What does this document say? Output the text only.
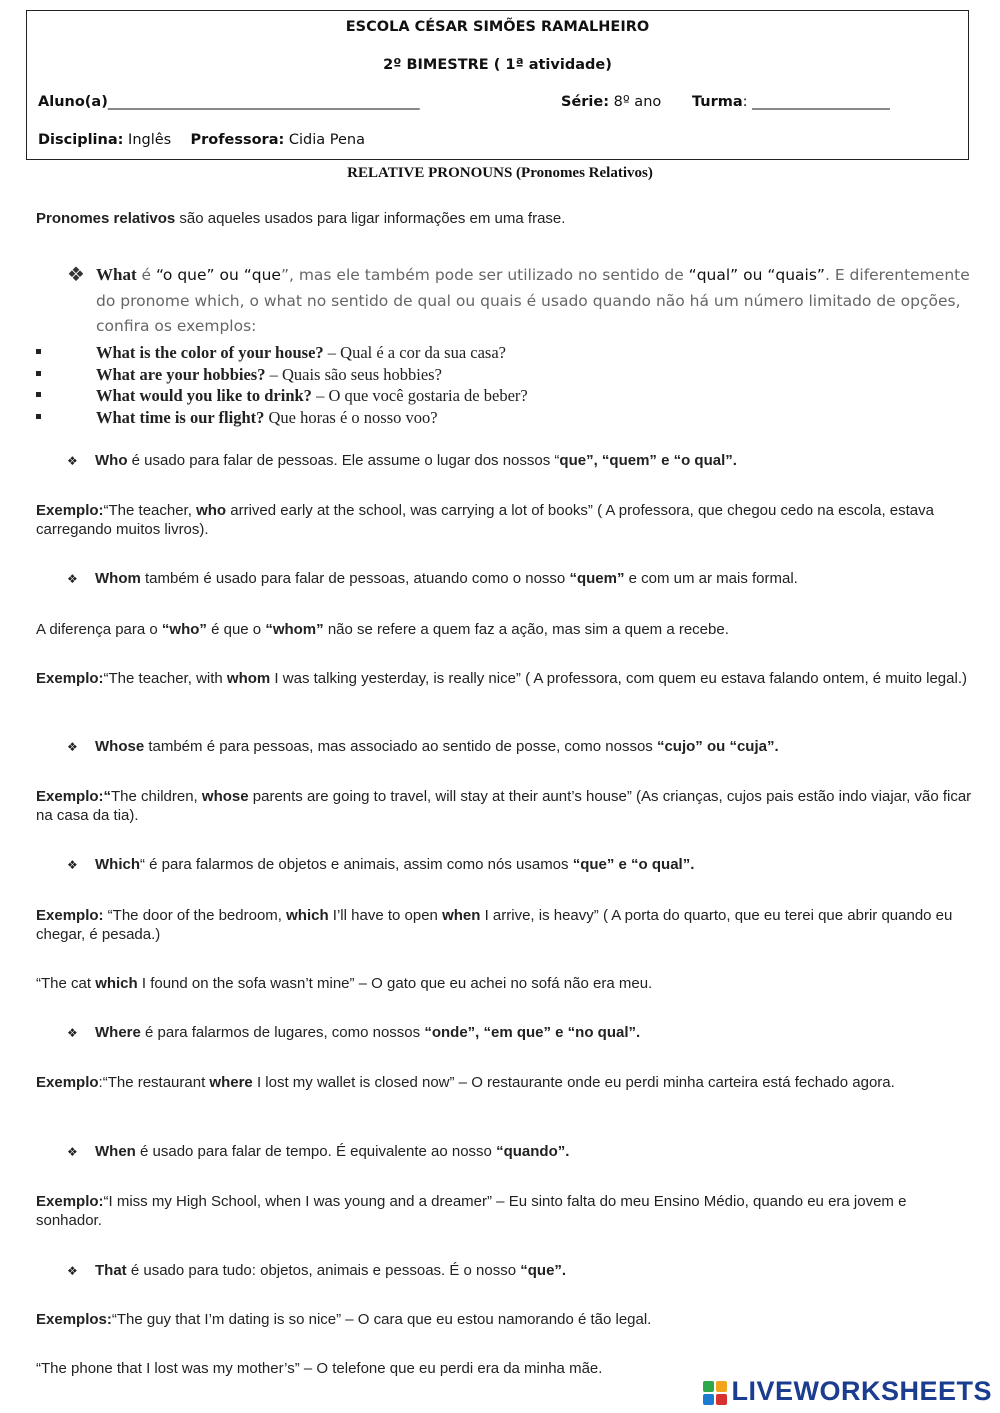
ESCOLA CÉSAR SIMÕES RAMALHEIRO
2º BIMESTRE ( 1ª atividade)
Aluno(a)___________________________________________	Série: 8º ano Turma: ___________________
Disciplina: Inglês Professora: Cidia Pena
RELATIVE PRONOUNS (Pronomes Relativos)
Pronomes relativos são aqueles usados para ligar informações em uma frase.
❖ What é “o que” ou “que”, mas ele também pode ser utilizado no sentido de “qual” ou “quais”. E diferentemente do pronome which, o what no sentido de qual ou quais é usado quando não há um número limitado de opções, confira os exemplos:
What is the color of your house? – Qual é a cor da sua casa?
What are your hobbies? – Quais são seus hobbies?
What would you like to drink? – O que você gostaria de beber?
What time is our flight? Que horas é o nosso voo?
❖ Who é usado para falar de pessoas. Ele assume o lugar dos nossos “que”, “quem” e “o qual”.
Exemplo:“The teacher, who arrived early at the school, was carrying a lot of books” ( A professora, que chegou cedo na escola, estava carregando muitos livros).
❖ Whom também é usado para falar de pessoas, atuando como o nosso “quem” e com um ar mais formal.
A diferença para o “who” é que o “whom” não se refere a quem faz a ação, mas sim a quem a recebe.
Exemplo:“The teacher, with whom I was talking yesterday, is really nice” ( A professora, com quem eu estava falando ontem, é muito legal.)
❖ Whose também é para pessoas, mas associado ao sentido de posse, como nossos “cujo” ou “cuja”.
Exemplo:“The children, whose parents are going to travel, will stay at their aunt’s house” (As crianças, cujos pais estão indo viajar, vão ficar na casa da tia).
❖ Which“ é para falarmos de objetos e animais, assim como nós usamos “que” e “o qual”.
Exemplo: “The door of the bedroom, which I’ll have to open when I arrive, is heavy” ( A porta do quarto, que eu terei que abrir quando eu chegar, é pesada.)
“The cat which I found on the sofa wasn’t mine” – O gato que eu achei no sofá não era meu.
❖ Where é para falarmos de lugares, como nossos “onde”, “em que” e “no qual”.
Exemplo:“The restaurant where I lost my wallet is closed now” – O restaurante onde eu perdi minha carteira está fechado agora.
❖ When é usado para falar de tempo. É equivalente ao nosso “quando”.
Exemplo:“I miss my High School, when I was young and a dreamer” – Eu sinto falta do meu Ensino Médio, quando eu era jovem e sonhador.
❖ That é usado para tudo: objetos, animais e pessoas. É o nosso “que”.
Exemplos:“The guy that I’m dating is so nice” – O cara que eu estou namorando é tão legal.
“The phone that I lost was my mother’s” – O telefone que eu perdi era da minha mãe.
LIVEWORKSHEETS
